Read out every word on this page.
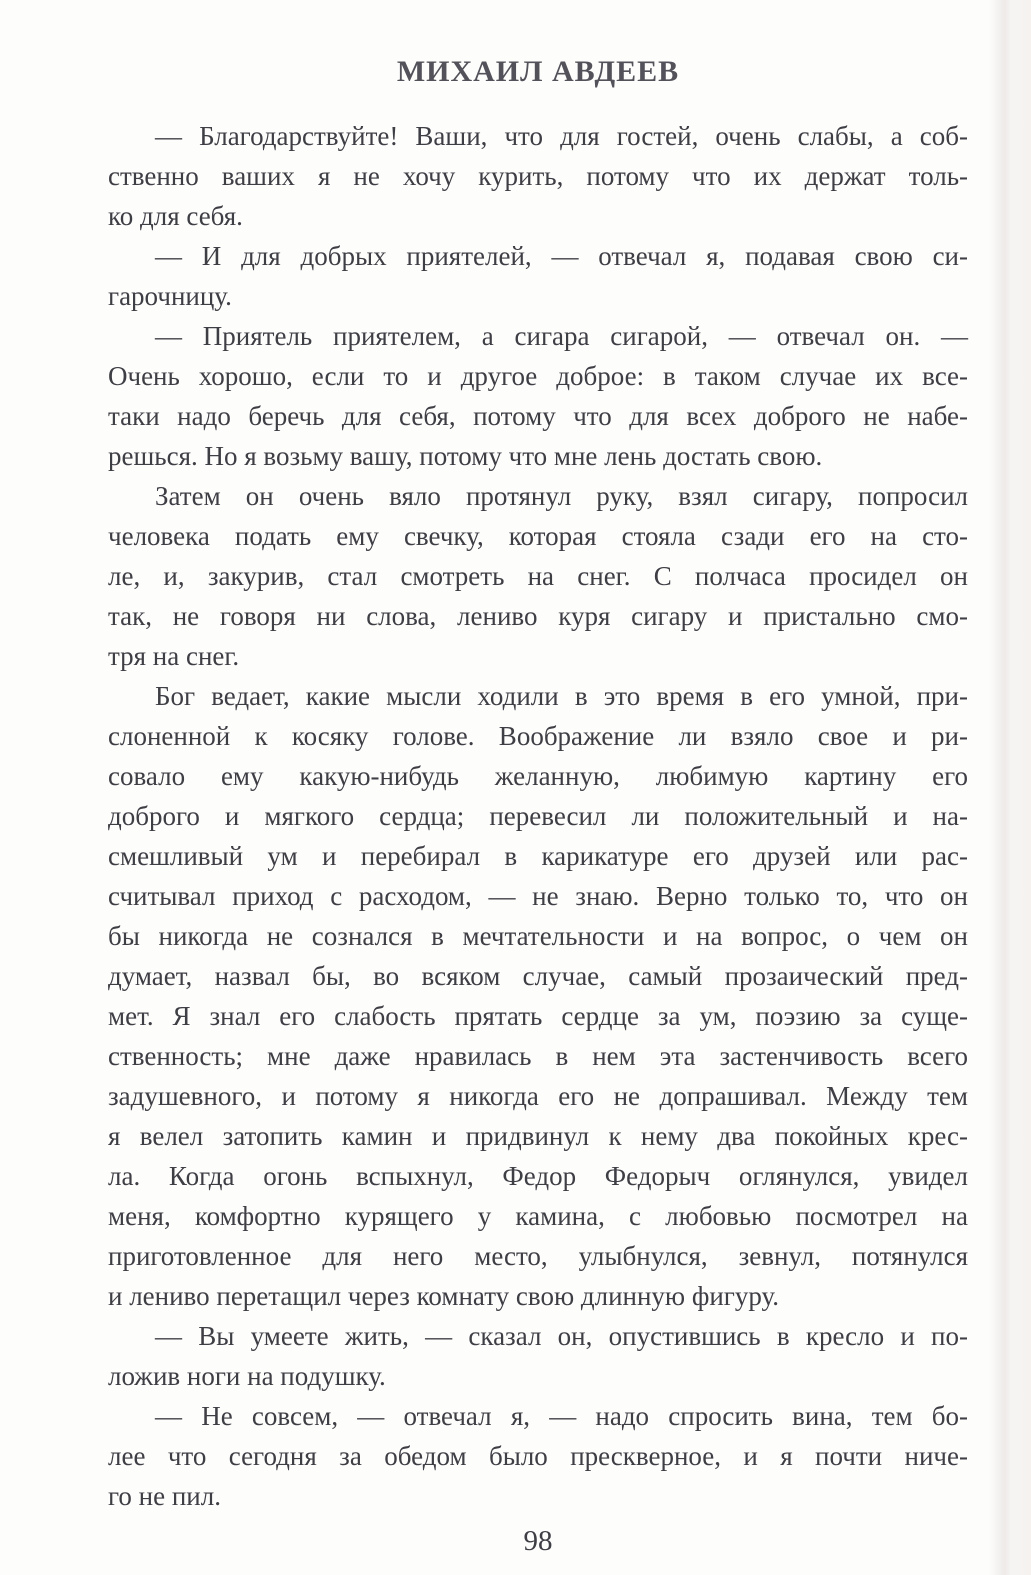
МИХАИЛ АВДЕЕВ
— Благодарствуйте! Ваши, что для гостей, очень слабы, а соб-
ственно ваших я не хочу курить, потому что их держат толь-
ко для себя.
— И для добрых приятелей, — отвечал я, подавая свою си-
гарочницу.
— Приятель приятелем, а сигара сигарой, — отвечал он. —
Очень хорошо, если то и другое доброе: в таком случае их все-
таки надо беречь для себя, потому что для всех доброго не набе-
решься. Но я возьму вашу, потому что мне лень достать свою.
Затем он очень вяло протянул руку, взял сигару, попросил
человека подать ему свечку, которая стояла сзади его на сто-
ле, и, закурив, стал смотреть на снег. С полчаса просидел он
так, не говоря ни слова, лениво куря сигару и пристально смо-
тря на снег.
Бог ведает, какие мысли ходили в это время в его умной, при-
слоненной к косяку голове. Воображение ли взяло свое и ри-
совало ему какую-нибудь желанную, любимую картину его
доброго и мягкого сердца; перевесил ли положительный и на-
смешливый ум и перебирал в карикатуре его друзей или рас-
считывал приход с расходом, — не знаю. Верно только то, что он
бы никогда не сознался в мечтательности и на вопрос, о чем он
думает, назвал бы, во всяком случае, самый прозаический пред-
мет. Я знал его слабость прятать сердце за ум, поэзию за суще-
ственность; мне даже нравилась в нем эта застенчивость всего
задушевного, и потому я никогда его не допрашивал. Между тем
я велел затопить камин и придвинул к нему два покойных крес-
ла. Когда огонь вспыхнул, Федор Федорыч оглянулся, увидел
меня, комфортно курящего у камина, с любовью посмотрел на
приготовленное для него место, улыбнулся, зевнул, потянулся
и лениво перетащил через комнату свою длинную фигуру.
— Вы умеете жить, — сказал он, опустившись в кресло и по-
ложив ноги на подушку.
— Не совсем, — отвечал я, — надо спросить вина, тем бо-
лее что сегодня за обедом было прескверное, и я почти ниче-
го не пил.
98
